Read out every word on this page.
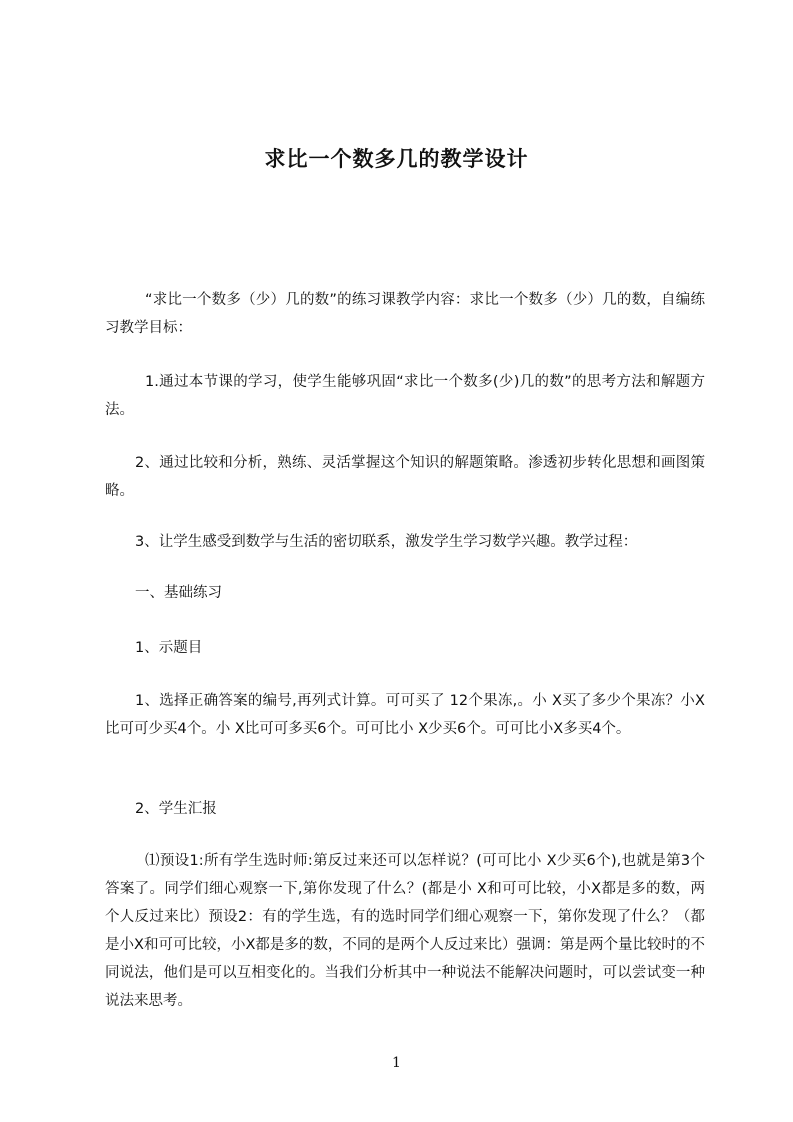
求比一个数多几的教学设计

“求比一个数多（少）几的数”的练习课教学内容：求比一个数多（少）几的数，自编练习教学目标：

1.通过本节课的学习，使学生能够巩固“求比一个数多(少)几的数”的思考方法和解题方法。

2、通过比较和分析，熟练、灵活掌握这个知识的解题策略。渗透初步转化思想和画图策略。

3、让学生感受到数学与生活的密切联系，激发学生学习数学兴趣。教学过程：

一、基础练习

1、示题目

1、选择正确答案的编号,再列式计算。可可买了 12个果冻,。小 X买了多少个果冻？小X比可可少买4个。小 X比可可多买6个。可可比小 X少买6个。可可比小X多买4个。

2、学生汇报

⑴预设1:所有学生选时师:第反过来还可以怎样说？(可可比小 X少买6个),也就是第3个答案了。同学们细心观察一下,第你发现了什么？(都是小 X和可可比较，小X都是多的数，两个人反过来比）预设2：有的学生选，有的选时同学们细心观察一下，第你发现了什么？（都是小X和可可比较，小X都是多的数，不同的是两个人反过来比）强调：第是两个量比较时的不同说法，他们是可以互相变化的。当我们分析其中一种说法不能解决问题时，可以尝试变一种说法来思考。

1
